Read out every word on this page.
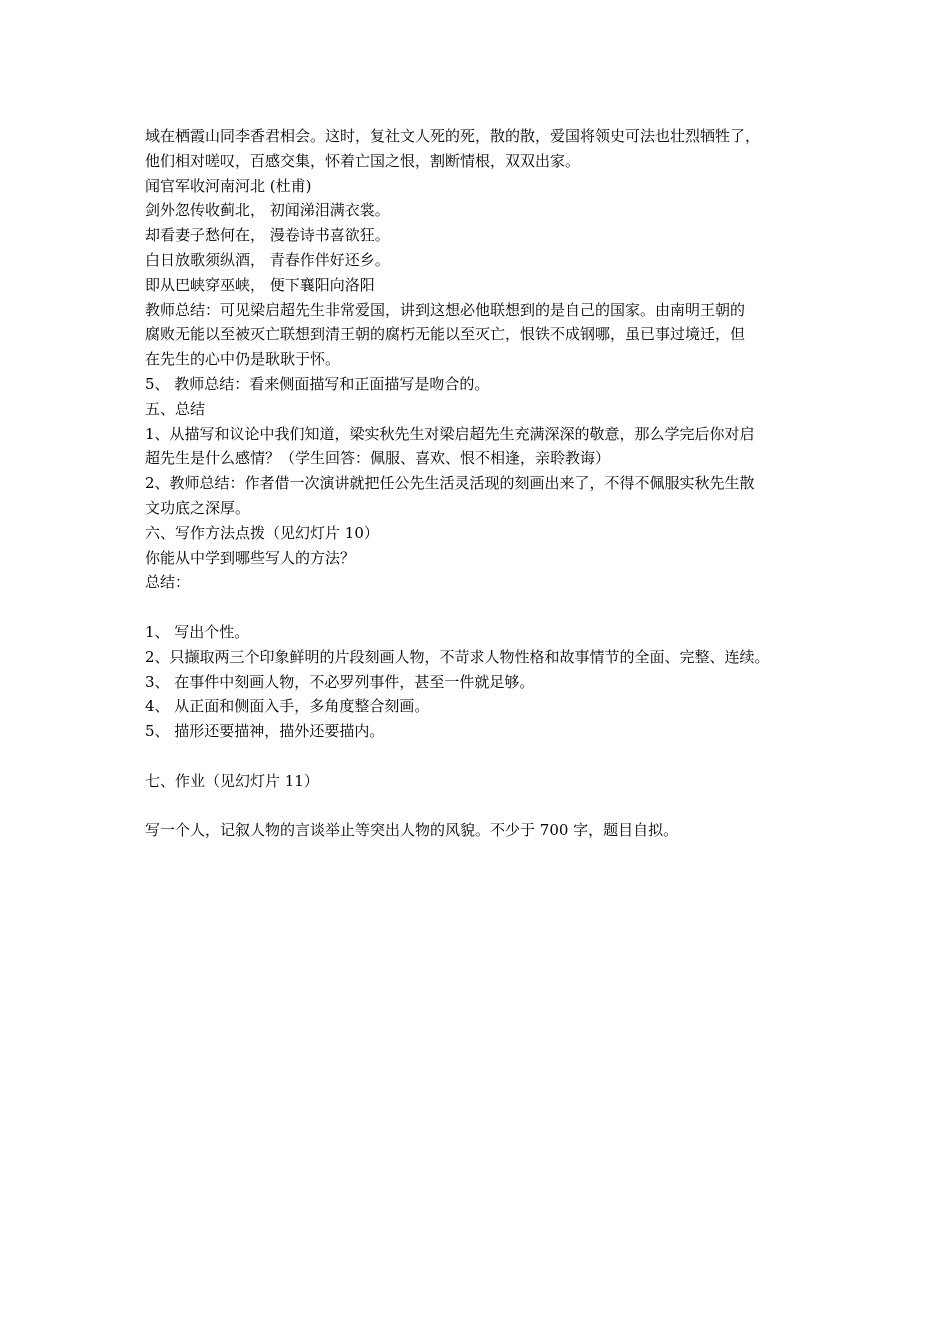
域在栖霞山同李香君相会。这时，复社文人死的死，散的散，爱国将领史可法也壮烈牺牲了，
他们相对嗟叹，百感交集，怀着亡国之恨，割断情根，双双出家。
闻官军收河南河北 (杜甫)
剑外忽传收蓟北， 初闻涕泪满衣裳。
却看妻子愁何在， 漫卷诗书喜欲狂。
白日放歌须纵酒， 青春作伴好还乡。
即从巴峡穿巫峡， 便下襄阳向洛阳
教师总结：可见梁启超先生非常爱国，讲到这想必他联想到的是自己的国家。由南明王朝的
腐败无能以至被灭亡联想到清王朝的腐朽无能以至灭亡，恨铁不成钢哪，虽已事过境迁，但
在先生的心中仍是耿耿于怀。
5、 教师总结：看来侧面描写和正面描写是吻合的。
五、总结
1、从描写和议论中我们知道，梁实秋先生对梁启超先生充满深深的敬意，那么学完后你对启
超先生是什么感情？（学生回答：佩服、喜欢、恨不相逢，亲聆教诲）
2、教师总结：作者借一次演讲就把任公先生活灵活现的刻画出来了，不得不佩服实秋先生散
文功底之深厚。
六、写作方法点拨（见幻灯片 10）
你能从中学到哪些写人的方法？
总结：
1、 写出个性。
2、只撷取两三个印象鲜明的片段刻画人物，不苛求人物性格和故事情节的全面、完整、连续。
3、 在事件中刻画人物，不必罗列事件，甚至一件就足够。
4、 从正面和侧面入手，多角度整合刻画。
5、 描形还要描神，描外还要描内。
七、作业（见幻灯片 11）
写一个人，记叙人物的言谈举止等突出人物的风貌。不少于 700 字，题目自拟。
